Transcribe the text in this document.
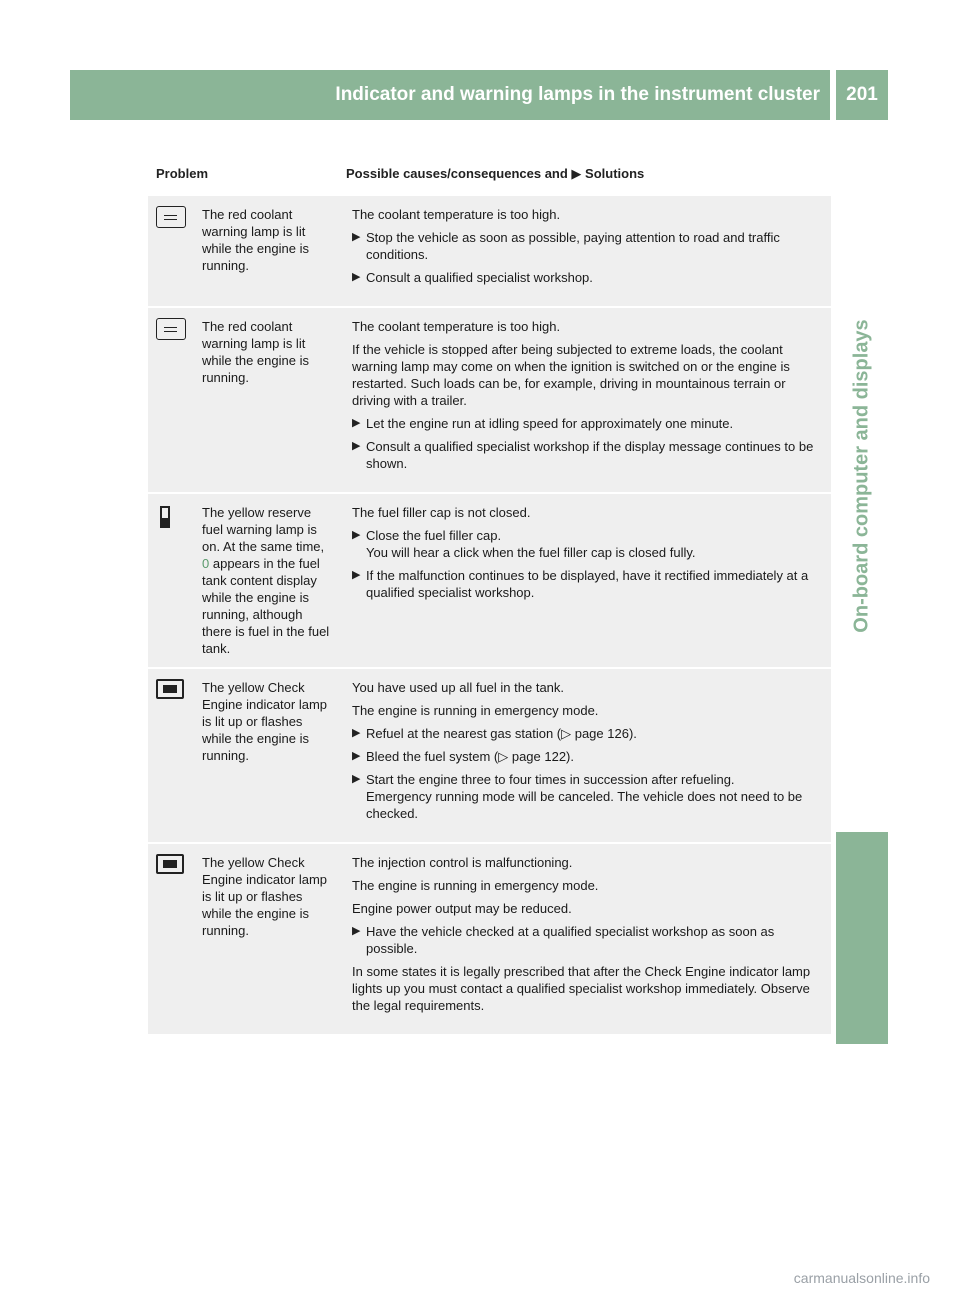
Indicator and warning lamps in the instrument cluster	201
On-board computer and displays
Problem	Possible causes/consequences and ▶ Solutions
The red coolant warning lamp is lit while the engine is running.

The coolant temperature is too high.

▶ Stop the vehicle as soon as possible, paying attention to road and traffic conditions.
▶ Consult a qualified specialist workshop.
The red coolant warning lamp is lit while the engine is running.

The coolant temperature is too high.

If the vehicle is stopped after being subjected to extreme loads, the coolant warning lamp may come on when the ignition is switched on or the engine is restarted. Such loads can be, for example, driving in mountainous terrain or driving with a trailer.

▶ Let the engine run at idling speed for approximately one minute.
▶ Consult a qualified specialist workshop if the display message continues to be shown.
The yellow reserve fuel warning lamp is on. At the same time, 0 appears in the fuel tank content display while the engine is running, although there is fuel in the fuel tank.

The fuel filler cap is not closed.

▶ Close the fuel filler cap.
You will hear a click when the fuel filler cap is closed fully.
▶ If the malfunction continues to be displayed, have it rectified immediately at a qualified specialist workshop.
The yellow Check Engine indicator lamp is lit up or flashes while the engine is running.

You have used up all fuel in the tank.

The engine is running in emergency mode.

▶ Refuel at the nearest gas station (▷ page 126).
▶ Bleed the fuel system (▷ page 122).
▶ Start the engine three to four times in succession after refueling.
Emergency running mode will be canceled. The vehicle does not need to be checked.
The yellow Check Engine indicator lamp is lit up or flashes while the engine is running.

The injection control is malfunctioning.

The engine is running in emergency mode.

Engine power output may be reduced.

▶ Have the vehicle checked at a qualified specialist workshop as soon as possible.

In some states it is legally prescribed that after the Check Engine indicator lamp lights up you must contact a qualified specialist workshop immediately. Observe the legal requirements.

carmanualsonline.info
